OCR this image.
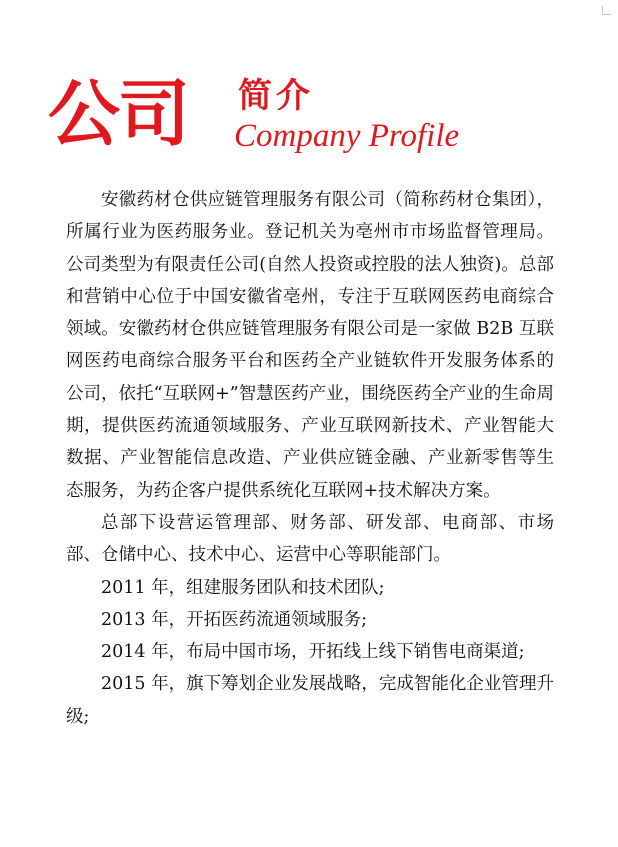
公司 简介
Company Profile

安徽药材仓供应链管理服务有限公司（简称药材仓集团），所属行业为医药服务业。登记机关为亳州市市场监督管理局。公司类型为有限责任公司(自然人投资或控股的法人独资)。总部和营销中心位于中国安徽省亳州，专注于互联网医药电商综合领域。安徽药材仓供应链管理服务有限公司是一家做 B2B 互联网医药电商综合服务平台和医药全产业链软件开发服务体系的公司，依托“互联网+”智慧医药产业，围绕医药全产业的生命周期，提供医药流通领域服务、产业互联网新技术、产业智能大数据、产业智能信息改造、产业供应链金融、产业新零售等生态服务，为药企客户提供系统化互联网+技术解决方案。

总部下设营运管理部、财务部、研发部、电商部、市场部、仓储中心、技术中心、运营中心等职能部门。

2011 年，组建服务团队和技术团队;

2013 年，开拓医药流通领域服务;

2014 年，布局中国市场，开拓线上线下销售电商渠道;

2015 年，旗下筹划企业发展战略，完成智能化企业管理升级;
